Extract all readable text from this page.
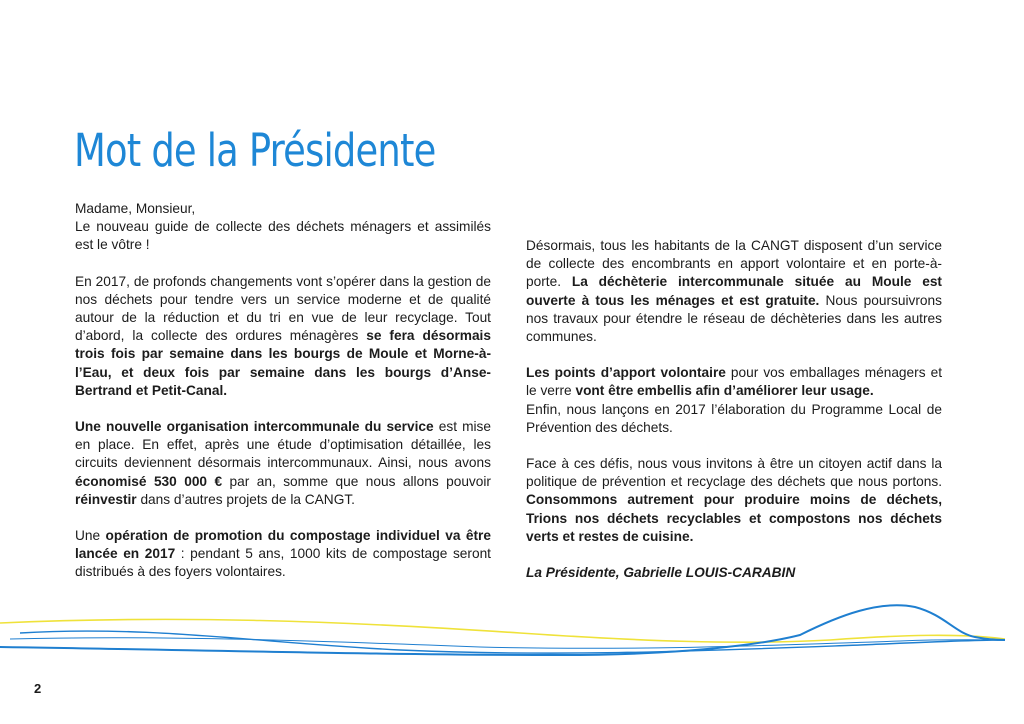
Mot de la Présidente

Madame, Monsieur,

Le nouveau guide de collecte des déchets ménagers et assimilés est le vôtre !

En 2017, de profonds changements vont s’opérer dans la gestion de nos déchets pour tendre vers un service moderne et de qualité autour de la réduction et du tri en vue de leur recyclage. Tout d’abord, la collecte des ordures ménagères se fera désormais trois fois par semaine dans les bourgs de Moule et Morne-à-l’Eau, et deux fois par semaine dans les bourgs d’Anse-Bertrand et Petit-Canal.

Une nouvelle organisation intercommunale du service est mise en place. En effet, après une étude d’optimisation détaillée, les circuits deviennent désormais intercommunaux. Ainsi, nous avons économisé 530 000 € par an, somme que nous allons pouvoir réinvestir dans d’autres projets de la CANGT.

Une opération de promotion du compostage individuel va être lancée en 2017 : pendant 5 ans, 1000 kits de compostage seront distribués à des foyers volontaires.

Désormais, tous les habitants de la CANGT disposent d’un service de collecte des encombrants en apport volontaire et en porte-à-porte. La déchèterie intercommunale située au Moule est ouverte à tous les ménages et est gratuite. Nous poursuivrons nos travaux pour étendre le réseau de déchèteries dans les autres communes.

Les points d’apport volontaire pour vos emballages ménagers et le verre vont être embellis afin d’améliorer leur usage.
Enfin, nous lançons en 2017 l’élaboration du Programme Local de Prévention des déchets.

Face à ces défis, nous vous invitons à être un citoyen actif dans la politique de prévention et recyclage des déchets que nous portons. Consommons autrement pour produire moins de déchets, Trions nos déchets recyclables et compostons nos déchets verts et restes de cuisine.

La Présidente, Gabrielle LOUIS-CARABIN

2
